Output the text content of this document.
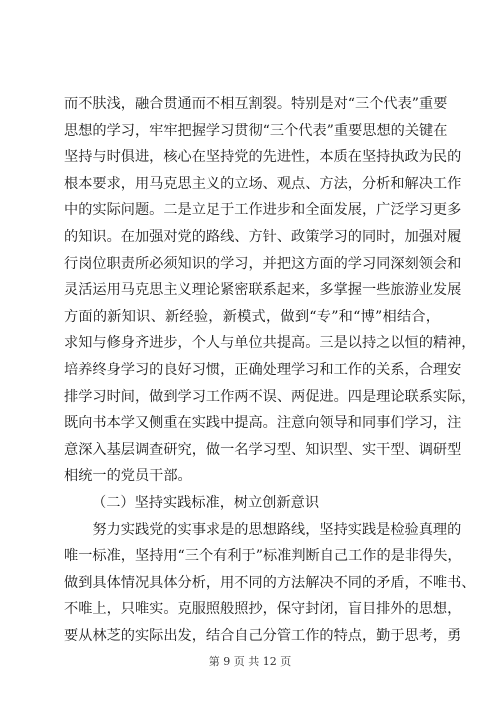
而不肤浅，融合贯通而不相互割裂。特别是对“三个代表”重要
思想的学习，牢牢把握学习贯彻“三个代表”重要思想的关键在
坚持与时俱进，核心在坚持党的先进性，本质在坚持执政为民的
根本要求，用马克思主义的立场、观点、方法，分析和解决工作
中的实际问题。二是立足于工作进步和全面发展，广泛学习更多
的知识。在加强对党的路线、方针、政策学习的同时，加强对履
行岗位职责所必须知识的学习，并把这方面的学习同深刻领会和
灵活运用马克思主义理论紧密联系起来，多掌握一些旅游业发展
方面的新知识、新经验，新模式，做到“专”和“博”相结合，
求知与修身齐进步，个人与单位共提高。三是以持之以恒的精神，
培养终身学习的良好习惯，正确处理学习和工作的关系，合理安
排学习时间，做到学习工作两不误、两促进。四是理论联系实际，
既向书本学又侧重在实践中提高。注意向领导和同事们学习，注
意深入基层调查研究，做一名学习型、知识型、实干型、调研型
相统一的党员干部。
（二）坚持实践标准，树立创新意识
　　努力实践党的实事求是的思想路线，坚持实践是检验真理的
唯一标准，坚持用“三个有利于”标准判断自己工作的是非得失，
做到具体情况具体分析，用不同的方法解决不同的矛盾，不唯书、
不唯上，只唯实。克服照般照抄，保守封闭，盲目排外的思想，
要从林芝的实际出发，结合自己分管工作的特点，勤于思考，勇
第 9 页 共 12 页
